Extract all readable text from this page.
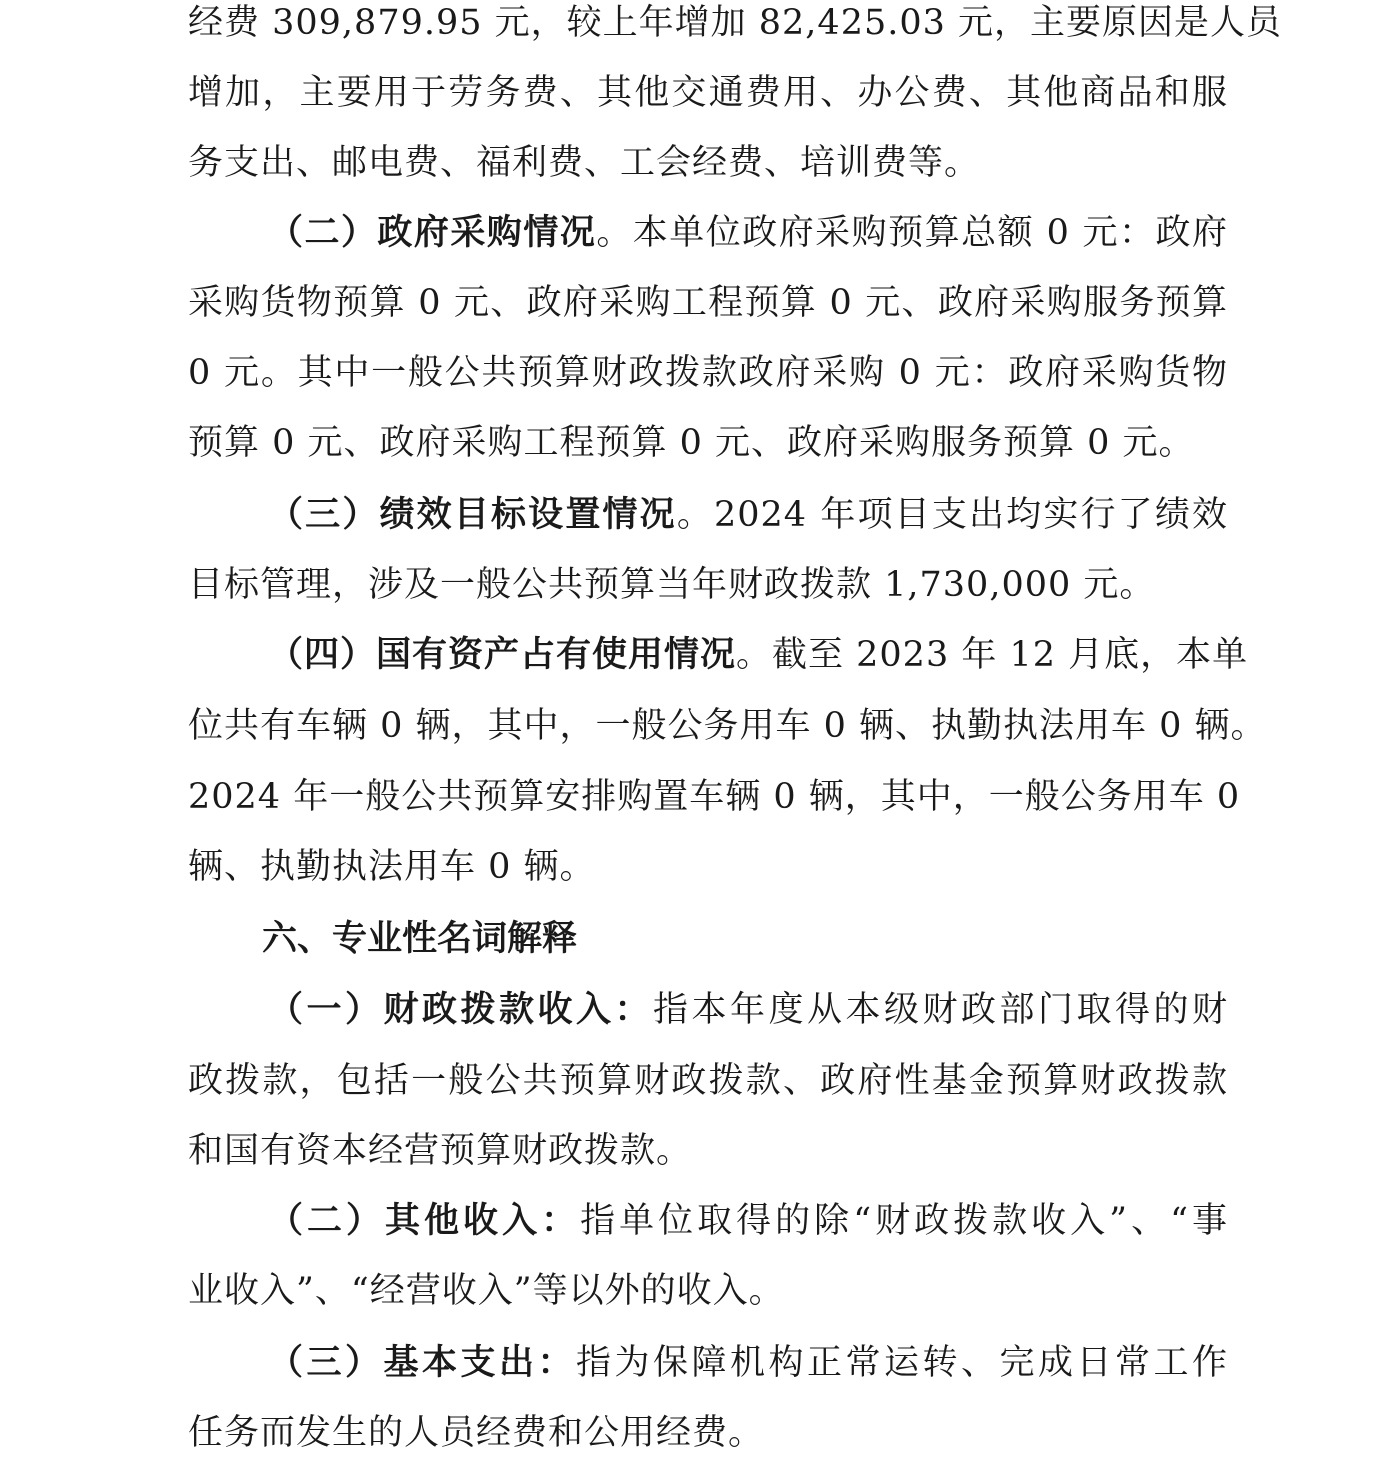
经费 309,879.95 元，较上年增加 82,425.03 元，主要原因是人员
增加，主要用于劳务费、其他交通费用、办公费、其他商品和服
务支出、邮电费、福利费、工会经费、培训费等。
（二）政府采购情况。本单位政府采购预算总额 0 元：政府
采购货物预算 0 元、政府采购工程预算 0 元、政府采购服务预算
0 元。其中一般公共预算财政拨款政府采购 0 元：政府采购货物
预算 0 元、政府采购工程预算 0 元、政府采购服务预算 0 元。
（三）绩效目标设置情况。2024 年项目支出均实行了绩效
目标管理，涉及一般公共预算当年财政拨款 1,730,000 元。
（四）国有资产占有使用情况。截至 2023 年 12 月底，本单
位共有车辆 0 辆，其中，一般公务用车 0 辆、执勤执法用车 0 辆。
2024 年一般公共预算安排购置车辆 0 辆，其中，一般公务用车 0
辆、执勤执法用车 0 辆。
六、专业性名词解释
（一）财政拨款收入：指本年度从本级财政部门取得的财
政拨款，包括一般公共预算财政拨款、政府性基金预算财政拨款
和国有资本经营预算财政拨款。
（二）其他收入：指单位取得的除“财政拨款收入”、“事
业收入”、“经营收入”等以外的收入。
（三）基本支出：指为保障机构正常运转、完成日常工作
任务而发生的人员经费和公用经费。
